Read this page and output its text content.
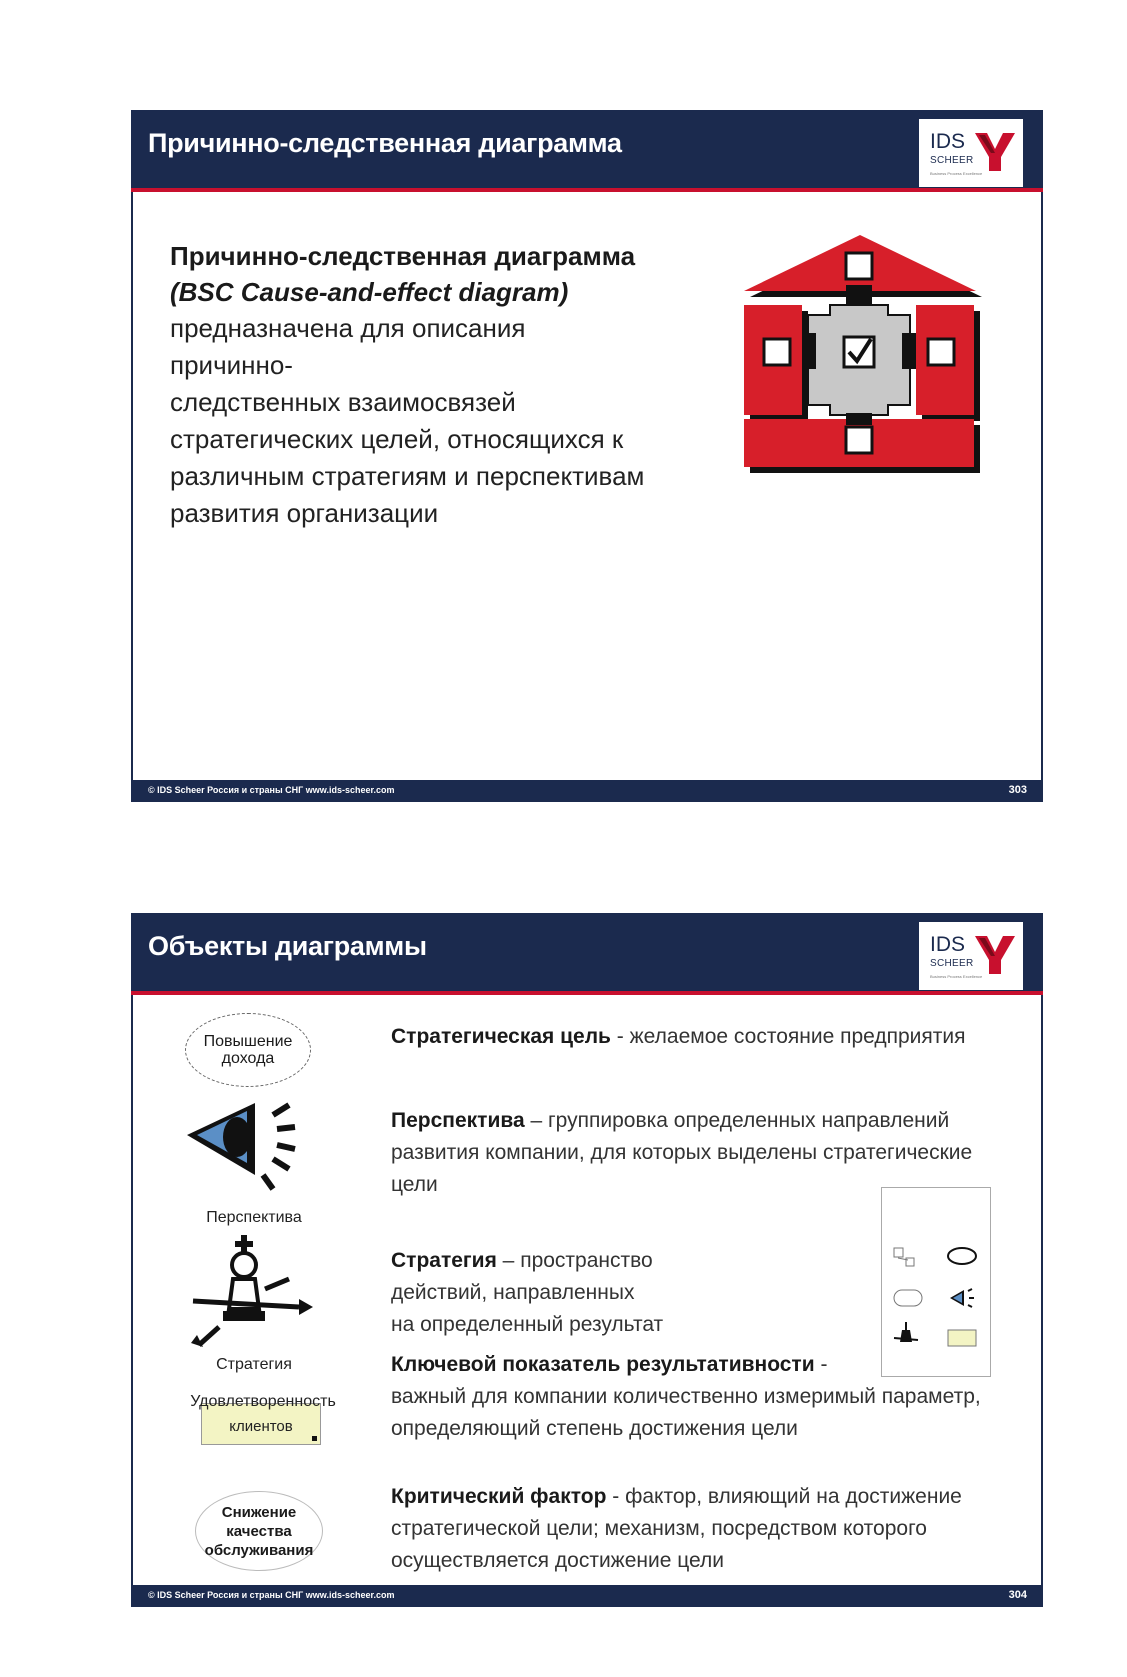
Причинно-следственная диаграмма	IDS
SCHEER
Business Process Excellence
Причинно-следственная диаграмма
(BSC Cause-and-effect diagram)
предназначена для описания причинно-
следственных взаимосвязей
стратегических целей, относящихся к
различным стратегиям и перспективам
развития организации
© IDS Scheer Россия и страны СНГ www.ids-scheer.com	303
Объекты диаграммы	IDS
SCHEER
Business Process Excellence
Повышение
дохода
Перспектива
Стратегия
Удовлетворенность
клиентов
Снижение
качества
обслуживания
Стратегическая цель - желаемое состояние предприятия
Перспектива – группировка определенных направлений
развития компании, для которых выделены стратегические
цели
Стратегия – пространство
действий, направленных
на определенный результат
Ключевой показатель результативности -
важный для компании количественно измеримый параметр,
определяющий степень достижения цели
Критический фактор - фактор, влияющий на достижение
стратегической цели; механизм, посредством которого
осуществляется достижение цели
© IDS Scheer Россия и страны СНГ www.ids-scheer.com	304
